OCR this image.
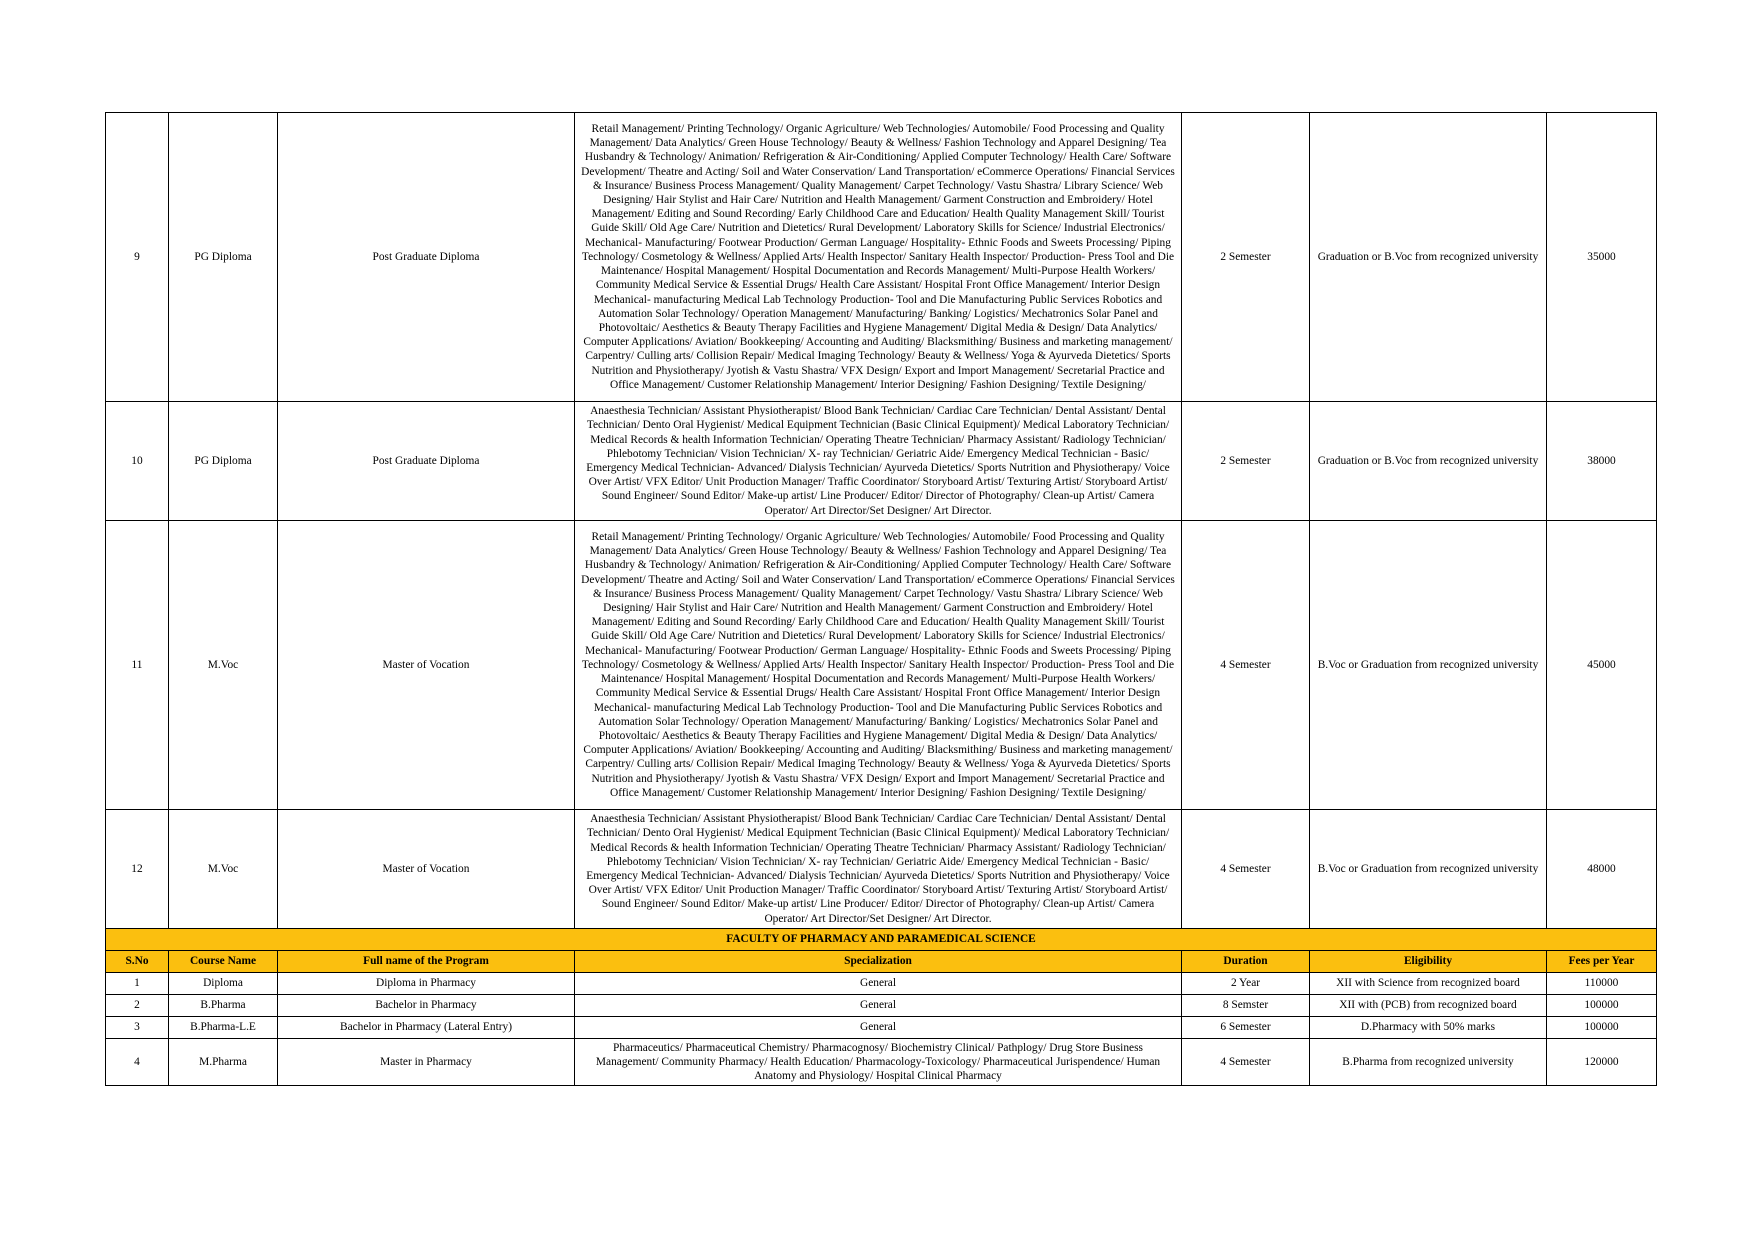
9	PG Diploma	Post Graduate Diploma	Retail Management/ Printing Technology/ Organic Agriculture/ Web Technologies/ Automobile/ Food Processing and Quality Management/ Data Analytics/ Green House Technology/ Beauty & Wellness/ Fashion Technology and Apparel Designing/ Tea Husbandry & Technology/ Animation/ Refrigeration & Air-Conditioning/ Applied Computer Technology/ Health Care/ Software Development/ Theatre and Acting/ Soil and Water Conservation/ Land Transportation/ eCommerce Operations/ Financial Services & Insurance/ Business Process Management/ Quality Management/ Carpet Technology/ Vastu Shastra/ Library Science/ Web Designing/ Hair Stylist and Hair Care/ Nutrition and Health Management/ Garment Construction and Embroidery/ Hotel Management/ Editing and Sound Recording/ Early Childhood Care and Education/ Health Quality Management Skill/ Tourist Guide Skill/ Old Age Care/ Nutrition and Dietetics/ Rural Development/ Laboratory Skills for Science/ Industrial Electronics/ Mechanical- Manufacturing/ Footwear Production/ German Language/ Hospitality- Ethnic Foods and Sweets Processing/ Piping Technology/ Cosmetology & Wellness/ Applied Arts/ Health Inspector/ Sanitary Health Inspector/ Production- Press Tool and Die Maintenance/ Hospital Management/ Hospital Documentation and Records Management/ Multi-Purpose Health Workers/ Community Medical Service & Essential Drugs/ Health Care Assistant/ Hospital Front Office Management/ Interior Design Mechanical- manufacturing Medical Lab Technology Production- Tool and Die Manufacturing Public Services Robotics and Automation Solar Technology/ Operation Management/ Manufacturing/ Banking/ Logistics/ Mechatronics Solar Panel and Photovoltaic/ Aesthetics & Beauty Therapy Facilities and Hygiene Management/ Digital Media & Design/ Data Analytics/ Computer Applications/ Aviation/ Bookkeeping/ Accounting and Auditing/ Blacksmithing/ Business and marketing management/ Carpentry/ Culling arts/ Collision Repair/ Medical Imaging Technology/ Beauty & Wellness/ Yoga & Ayurveda Dietetics/ Sports Nutrition and Physiotherapy/ Jyotish & Vastu Shastra/ VFX Design/ Export and Import Management/ Secretarial Practice and Office Management/ Customer Relationship Management/ Interior Designing/ Fashion Designing/ Textile Designing/	2 Semester	Graduation or B.Voc from recognized university	35000
10	PG Diploma	Post Graduate Diploma	Anaesthesia Technician/ Assistant Physiotherapist/ Blood Bank Technician/ Cardiac Care Technician/ Dental Assistant/ Dental Technician/ Dento Oral Hygienist/ Medical Equipment Technician (Basic Clinical Equipment)/ Medical Laboratory Technician/ Medical Records & health Information Technician/ Operating Theatre Technician/ Pharmacy Assistant/ Radiology Technician/ Phlebotomy Technician/ Vision Technician/ X- ray Technician/ Geriatric Aide/ Emergency Medical Technician - Basic/ Emergency Medical Technician- Advanced/ Dialysis Technician/ Ayurveda Dietetics/ Sports Nutrition and Physiotherapy/ Voice Over Artist/ VFX Editor/ Unit Production Manager/ Traffic Coordinator/ Storyboard Artist/ Texturing Artist/ Storyboard Artist/ Sound Engineer/ Sound Editor/ Make-up artist/ Line Producer/ Editor/ Director of Photography/ Clean-up Artist/ Camera Operator/ Art Director/Set Designer/ Art Director.	2 Semester	Graduation or B.Voc from recognized university	38000
11	M.Voc	Master of Vocation	Retail Management/ Printing Technology/ Organic Agriculture/ Web Technologies/ Automobile/ Food Processing and Quality Management/ Data Analytics/ Green House Technology/ Beauty & Wellness/ Fashion Technology and Apparel Designing/ Tea Husbandry & Technology/ Animation/ Refrigeration & Air-Conditioning/ Applied Computer Technology/ Health Care/ Software Development/ Theatre and Acting/ Soil and Water Conservation/ Land Transportation/ eCommerce Operations/ Financial Services & Insurance/ Business Process Management/ Quality Management/ Carpet Technology/ Vastu Shastra/ Library Science/ Web Designing/ Hair Stylist and Hair Care/ Nutrition and Health Management/ Garment Construction and Embroidery/ Hotel Management/ Editing and Sound Recording/ Early Childhood Care and Education/ Health Quality Management Skill/ Tourist Guide Skill/ Old Age Care/ Nutrition and Dietetics/ Rural Development/ Laboratory Skills for Science/ Industrial Electronics/ Mechanical- Manufacturing/ Footwear Production/ German Language/ Hospitality- Ethnic Foods and Sweets Processing/ Piping Technology/ Cosmetology & Wellness/ Applied Arts/ Health Inspector/ Sanitary Health Inspector/ Production- Press Tool and Die Maintenance/ Hospital Management/ Hospital Documentation and Records Management/ Multi-Purpose Health Workers/ Community Medical Service & Essential Drugs/ Health Care Assistant/ Hospital Front Office Management/ Interior Design Mechanical- manufacturing Medical Lab Technology Production- Tool and Die Manufacturing Public Services Robotics and Automation Solar Technology/ Operation Management/ Manufacturing/ Banking/ Logistics/ Mechatronics Solar Panel and Photovoltaic/ Aesthetics & Beauty Therapy Facilities and Hygiene Management/ Digital Media & Design/ Data Analytics/ Computer Applications/ Aviation/ Bookkeeping/ Accounting and Auditing/ Blacksmithing/ Business and marketing management/ Carpentry/ Culling arts/ Collision Repair/ Medical Imaging Technology/ Beauty & Wellness/ Yoga & Ayurveda Dietetics/ Sports Nutrition and Physiotherapy/ Jyotish & Vastu Shastra/ VFX Design/ Export and Import Management/ Secretarial Practice and Office Management/ Customer Relationship Management/ Interior Designing/ Fashion Designing/ Textile Designing/	4 Semester	B.Voc or Graduation from recognized university	45000
12	M.Voc	Master of Vocation	Anaesthesia Technician/ Assistant Physiotherapist/ Blood Bank Technician/ Cardiac Care Technician/ Dental Assistant/ Dental Technician/ Dento Oral Hygienist/ Medical Equipment Technician (Basic Clinical Equipment)/ Medical Laboratory Technician/ Medical Records & health Information Technician/ Operating Theatre Technician/ Pharmacy Assistant/ Radiology Technician/ Phlebotomy Technician/ Vision Technician/ X- ray Technician/ Geriatric Aide/ Emergency Medical Technician - Basic/ Emergency Medical Technician- Advanced/ Dialysis Technician/ Ayurveda Dietetics/ Sports Nutrition and Physiotherapy/ Voice Over Artist/ VFX Editor/ Unit Production Manager/ Traffic Coordinator/ Storyboard Artist/ Texturing Artist/ Storyboard Artist/ Sound Engineer/ Sound Editor/ Make-up artist/ Line Producer/ Editor/ Director of Photography/ Clean-up Artist/ Camera Operator/ Art Director/Set Designer/ Art Director.	4 Semester	B.Voc or Graduation from recognized university	48000
FACULTY OF PHARMACY AND PARAMEDICAL SCIENCE						
S.No	Course Name	Full name of the Program	Specialization	Duration	Eligibility	Fees per Year
1	Diploma	Diploma in Pharmacy	General	2 Year	XII with Science from recognized board	110000
2	B.Pharma	Bachelor in Pharmacy	General	8 Semster	XII with (PCB) from recognized board	100000
3	B.Pharma-L.E	Bachelor in Pharmacy (Lateral Entry)	General	6 Semester	D.Pharmacy with 50% marks	100000
4	M.Pharma	Master in Pharmacy	Pharmaceutics/ Pharmaceutical Chemistry/ Pharmacognosy/ Biochemistry Clinical/ Pathplogy/ Drug Store Business Management/ Community Pharmacy/ Health Education/ Pharmacology-Toxicology/ Pharmaceutical Jurispendence/ Human Anatomy and Physiology/ Hospital Clinical Pharmacy	4 Semester	B.Pharma from recognized university	120000
